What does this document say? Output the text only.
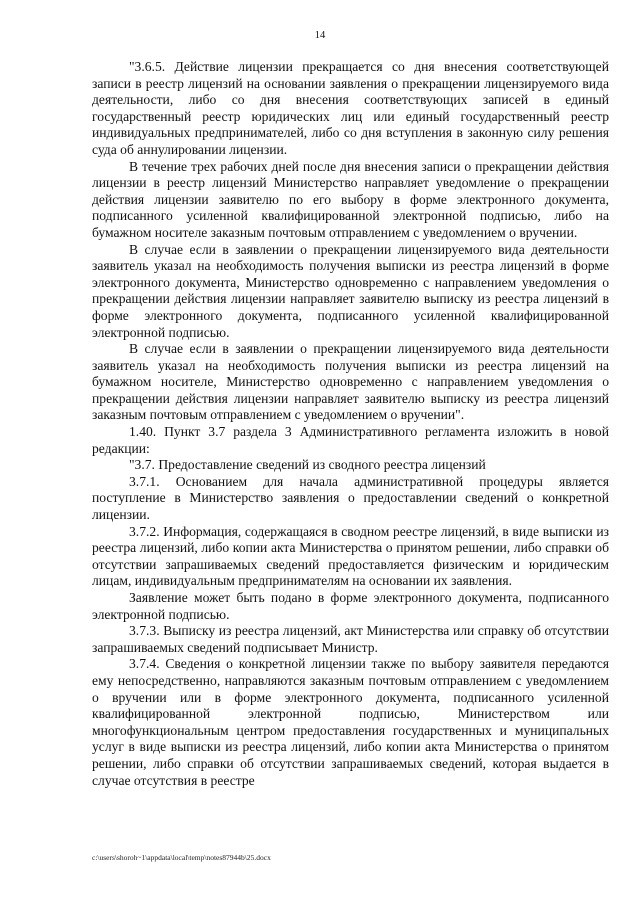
14

"3.6.5. Действие лицензии прекращается со дня внесения соответствующей записи в реестр лицензий на основании заявления о прекращении лицензируемого вида деятельности, либо со дня внесения соответствующих записей в единый государственный реестр юридических лиц или единый государственный реестр индивидуальных предпринимателей, либо со дня вступления в законную силу решения суда об аннулировании лицензии.

В течение трех рабочих дней после дня внесения записи о прекращении действия лицензии в реестр лицензий Министерство направляет уведомление о прекращении действия лицензии заявителю по его выбору в форме электронного документа, подписанного усиленной квалифицированной электронной подписью, либо на бумажном носителе заказным почтовым отправлением с уведомлением о вручении.

В случае если в заявлении о прекращении лицензируемого вида деятельности заявитель указал на необходимость получения выписки из реестра лицензий в форме электронного документа, Министерство одновременно с направлением уведомления о прекращении действия лицензии направляет заявителю выписку из реестра лицензий в форме электронного документа, подписанного усиленной квалифицированной электронной подписью.

В случае если в заявлении о прекращении лицензируемого вида деятельности заявитель указал на необходимость получения выписки из реестра лицензий на бумажном носителе, Министерство одновременно с направлением уведомления о прекращении действия лицензии направляет заявителю выписку из реестра лицензий заказным почтовым отправлением с уведомлением о вручении".

1.40. Пункт 3.7 раздела 3 Административного регламента изложить в новой редакции:

"3.7. Предоставление сведений из сводного реестра лицензий

3.7.1. Основанием для начала административной процедуры является поступление в Министерство заявления о предоставлении сведений о конкретной лицензии.

3.7.2. Информация, содержащаяся в сводном реестре лицензий, в виде выписки из реестра лицензий, либо копии акта Министерства о принятом решении, либо справки об отсутствии запрашиваемых сведений предоставляется физическим и юридическим лицам, индивидуальным предпринимателям на основании их заявления.

Заявление может быть подано в форме электронного документа, подписанного электронной подписью.

3.7.3. Выписку из реестра лицензий, акт Министерства или справку об отсутствии запрашиваемых сведений подписывает Министр.

3.7.4. Сведения о конкретной лицензии также по выбору заявителя передаются ему непосредственно, направляются заказным почтовым отправлением с уведомлением о вручении или в форме электронного документа, подписанного усиленной квалифицированной электронной подписью, Министерством или многофункциональным центром предоставления государственных и муниципальных услуг в виде выписки из реестра лицензий, либо копии акта Министерства о принятом решении, либо справки об отсутствии запрашиваемых сведений, которая выдается в случае отсутствия в реестре

c:\users\shoroh~1\appdata\local\temp\notes87944b\25.docx
